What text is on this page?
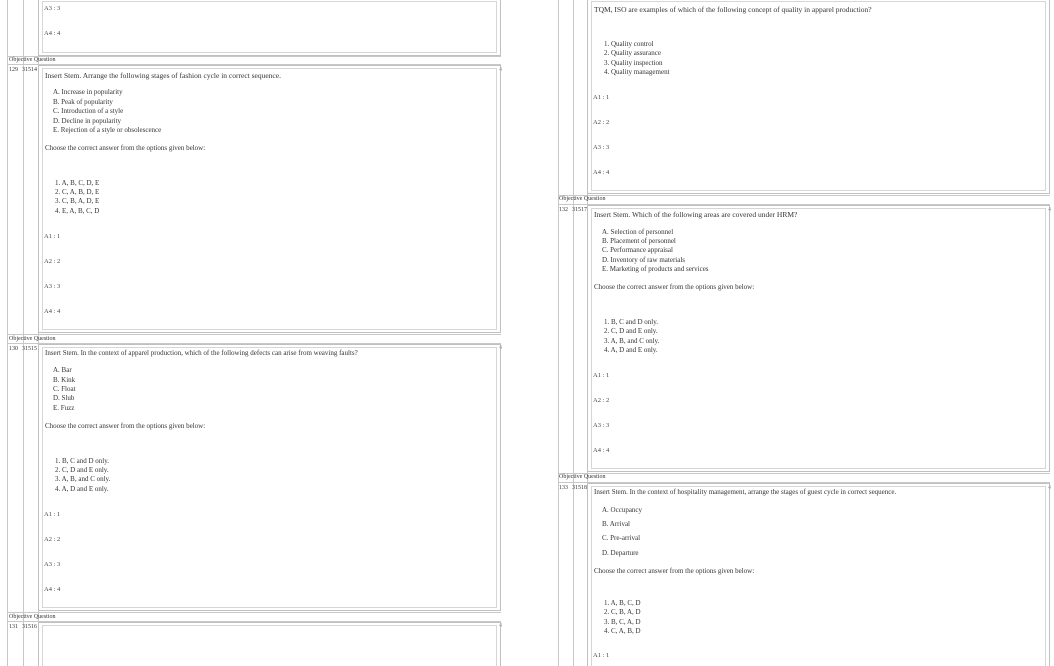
A3 : 3
A4 : 4
Objective Question
129 31514	4
Insert Stem. Arrange the following stages of fashion cycle in correct sequence.
A. Increase in popularity
B. Peak of popularity
C. Introduction of a style
D. Decline in popularity
E. Rejection of a style or obsolescence
Choose the correct answer from the options given below:
1. A, B, C, D, E
2. C, A, B, D, E
3. C, B, A, D, E
4. E, A, B, C, D
A1 : 1
A2 : 2
A3 : 3
A4 : 4
Objective Question
130 31515	4
Insert Stem. In the context of apparel production, which of the following defects can arise from weaving faults?
A. Bar
B. Kink
C. Float
D. Slub
E. Fuzz
Choose the correct answer from the options given below:
1. B, C and D only.
2. C, D and E only.
3. A, B, and C only.
4. A, D and E only.
A1 : 1
A2 : 2
A3 : 3
A4 : 4
Objective Question
131 31516	4
TQM, ISO are examples of which of the following concept of quality in apparel production?
1. Quality control
2. Quality assurance
3. Quality inspection
4. Quality management
A1 : 1
A2 : 2
A3 : 3
A4 : 4
Objective Question
132 31517	4
Insert Stem. Which of the following areas are covered under HRM?
A. Selection of personnel
B. Placement of personnel
C. Performance appraisal
D. Inventory of raw materials
E. Marketing of products and services
Choose the correct answer from the options given below:
1. B, C and D only.
2. C, D and E only.
3. A, B, and C only.
4. A, D and E only.
A1 : 1
A2 : 2
A3 : 3
A4 : 4
Objective Question
133 31518	4
Insert Stem. In the context of hospitality management, arrange the stages of guest cycle in correct sequence.
A. Occupancy
B. Arrival
C. Pre-arrival
D. Departure
Choose the correct answer from the options given below:
1. A, B, C, D
2. C, B, A, D
3. B, C, A, D
4. C, A, B, D
A1 : 1
